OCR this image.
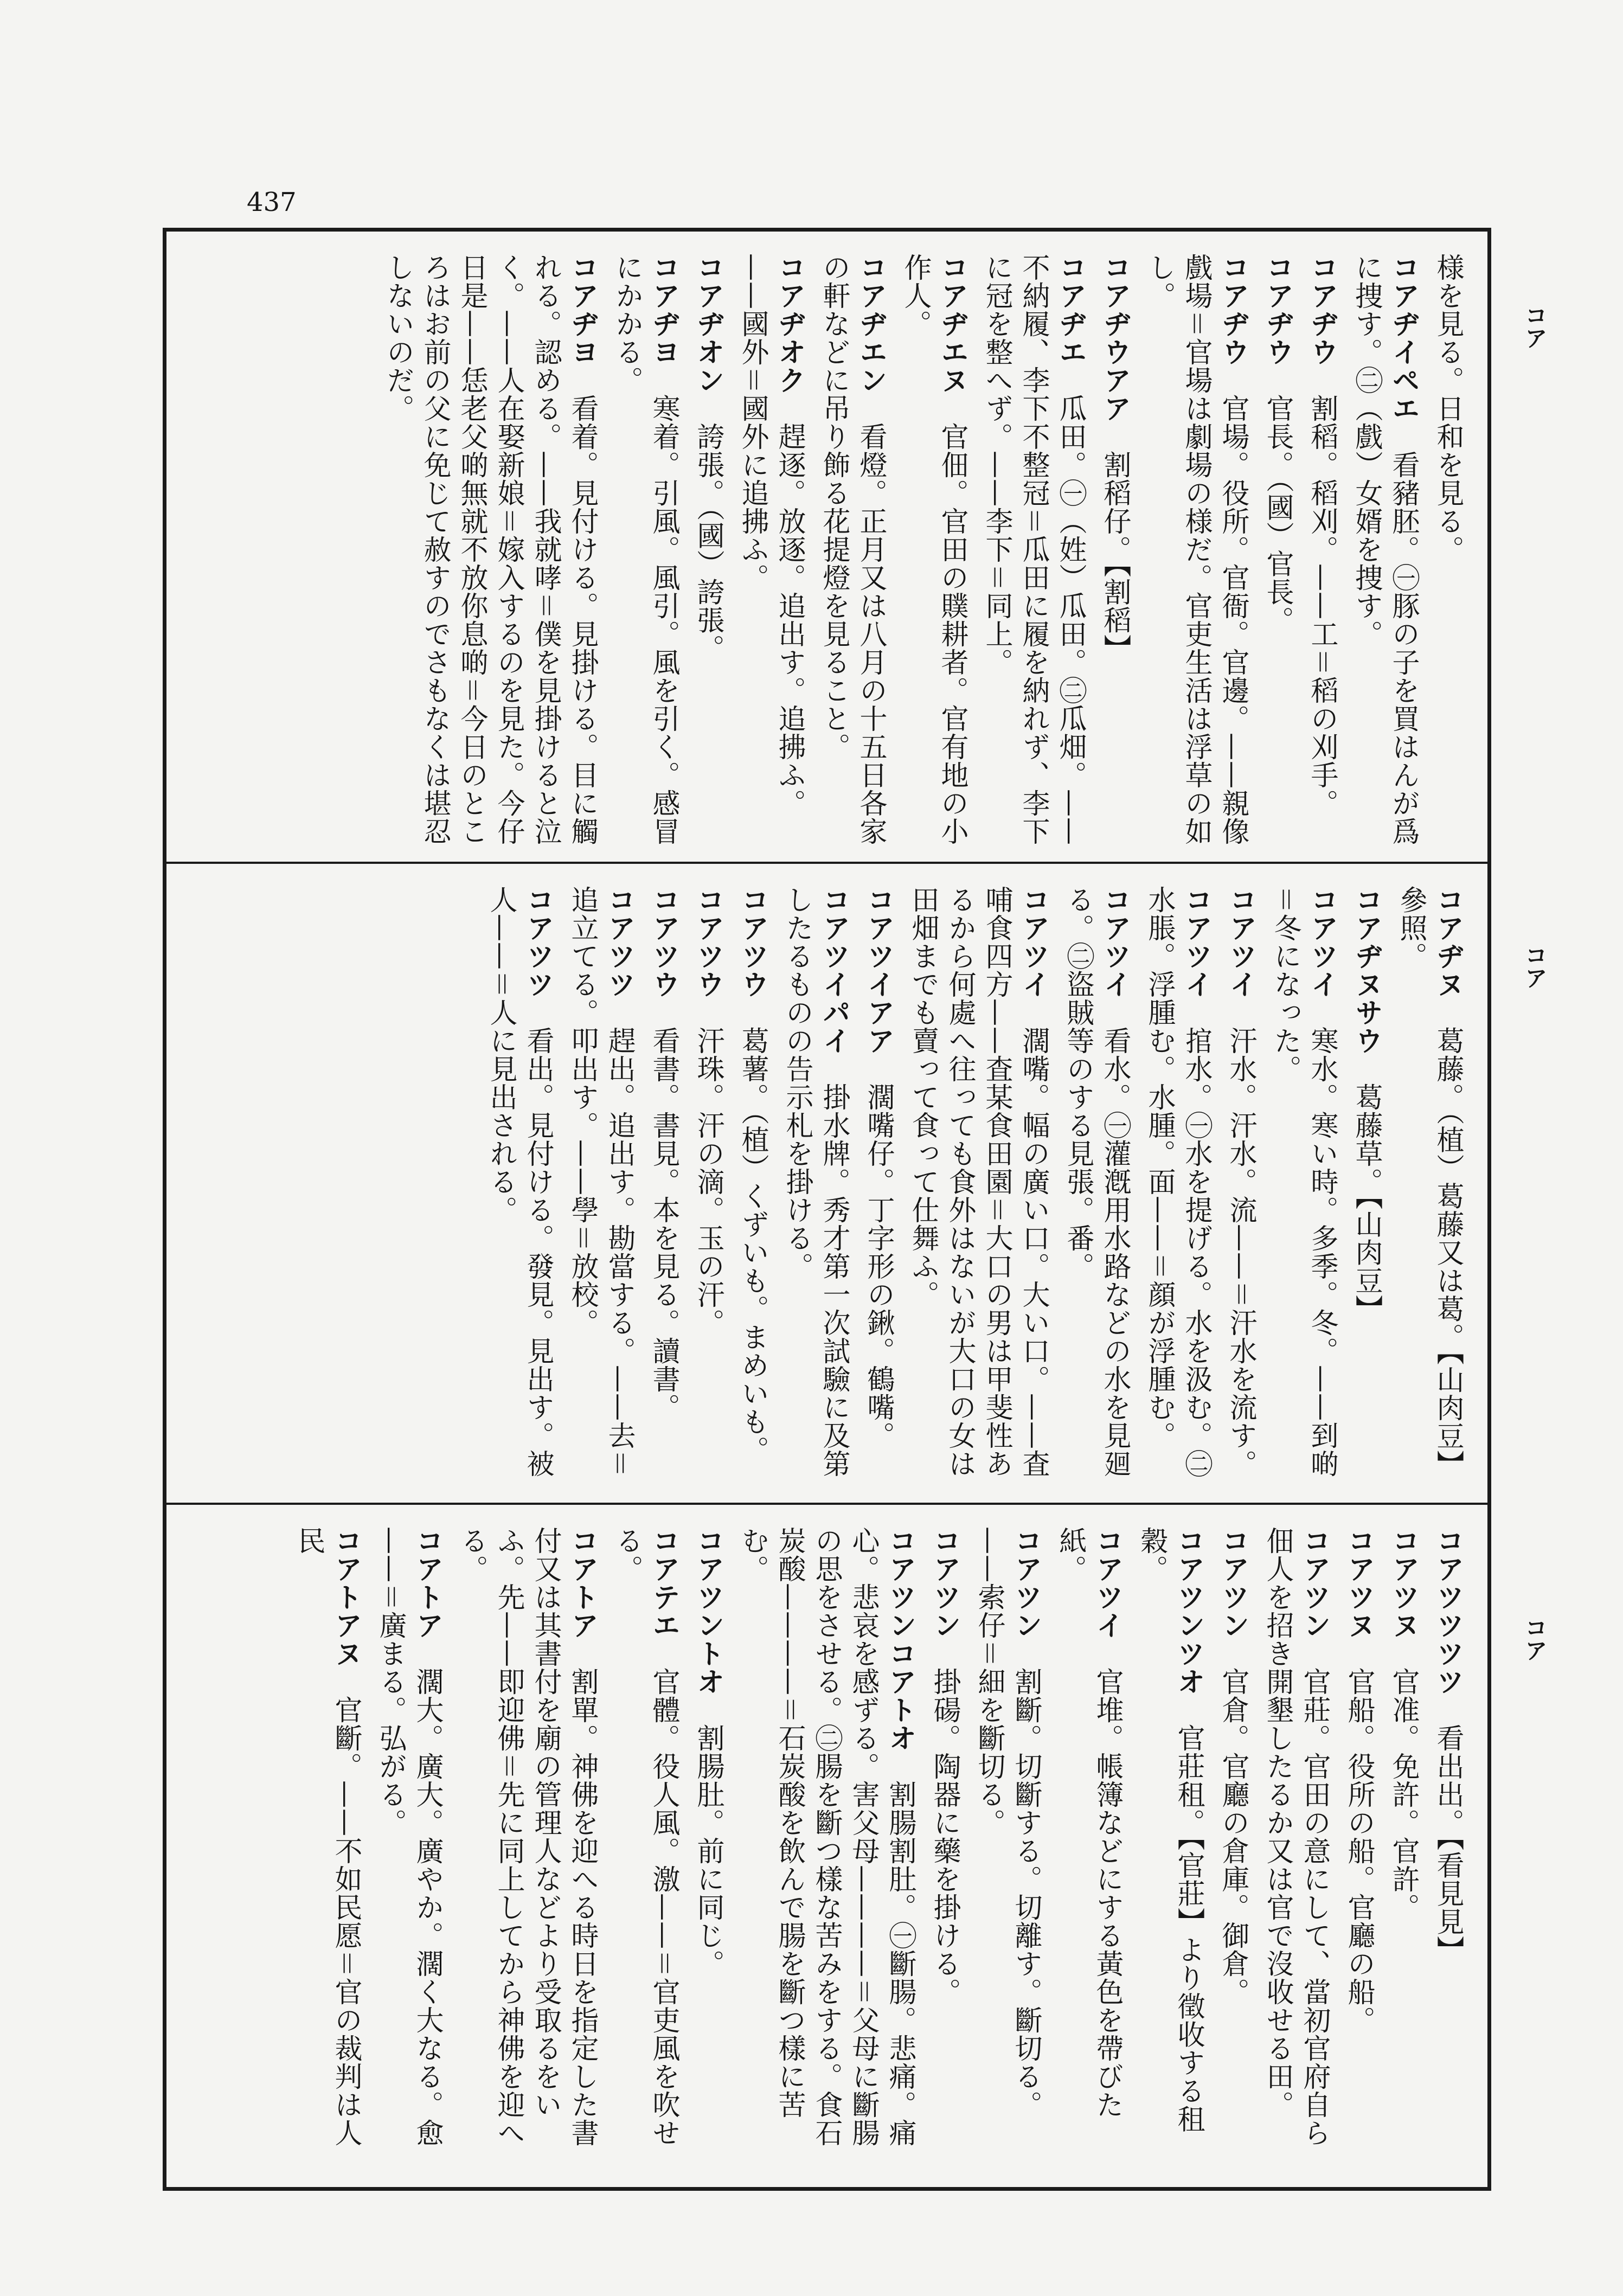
437
コア
コア
コア
様を見る。日和を見る。
コアヂイペエ　看豬胚。㊀豚の子を買はんが爲に捜す。㊁（戲）女婿を捜す。
コアヂウ　割稻。稻刈。——工＝稻の刈手。
コアヂウ　官長。（國）官長。
コアヂウ　官場。役所。官衙。官邊。——親像戲場＝官場は劇場の様だ。官吏生活は浮草の如し。
コアヂウアア　割稻仔。【割稻】
コアヂエ　瓜田。㊀（姓）瓜田。㊁瓜畑。——不納履、李下不整冠＝瓜田に履を納れず、李下に冠を整へず。——李下＝同上。
コアヂエヌ　官佃。官田の贌耕者。官有地の小作人。
コアヂエン　看燈。正月又は八月の十五日各家の軒などに吊り飾る花提燈を見ること。
コアヂオク　趕逐。放逐。追出す。追拂ふ。——國外＝國外に追拂ふ。
コアヂオン　誇張。（國）誇張。
コアヂヨ　寒着。引風。風引。風を引く。感冒にかかる。
コアヂヨ　看着。見付ける。見掛ける。目に觸れる。認める。——我就哮＝僕を見掛けると泣く。——人在娶新娘＝嫁入するのを見た。今仔日是——恁老父啲無就不放你息啲＝今日のところはお前の父に免じて赦すのでさもなくは堪忍しないのだ。
コアヂヌ　葛藤。（植）葛藤又は葛。【山肉豆】參照。
コアヂヌサウ　葛藤草。【山肉豆】
コアツイ　寒水。寒い時。多季。冬。——到啲＝冬になった。
コアツイ　汗水。汗水。流——＝汗水を流す。
コアツイ　捾水。㊀水を提げる。水を汲む。㊁水脹。浮腫む。水腫。面——＝顔が浮腫む。
コアツイ　看水。㊀灌漑用水路などの水を見廻る。㊁盜賊等のする見張。番。
コアツイ　濶嘴。幅の廣い口。大い口。——査哺食四方——査某食田園＝大口の男は甲斐性あるから何處へ往っても食外はないが大口の女は田畑までも賣って食って仕舞ふ。
コアツイアア　濶嘴仔。丁字形の鍬。鶴嘴。
コアツイパイ　掛水牌。秀才第一次試驗に及第したるものの告示札を掛ける。
コアツウ　葛薯。（植）くずいも。まめいも。
コアツウ　汗珠。汗の滴。玉の汗。
コアツウ　看書。書見。本を見る。讀書。
コアツツ　趕出。追出す。勘當する。——去＝追立てる。叩出す。——學＝放校。
コアツツ　看出。見付ける。發見。見出す。被人——＝人に見出される。
コアツツツツ　看出出。【看見見】
コアツヌ　官准。免許。官許。
コアツヌ　官船。役所の船。官廳の船。
コアツン　官莊。官田の意にして、當初官府自ら佃人を招き開墾したるか又は官で沒收せる田。
コアツン　官倉。官廳の倉庫。御倉。
コアツンツオ　官莊租。【官莊】より徵收する租穀。
コアツイ　官堆。帳簿などにする黃色を帶びた紙。
コアツン　割斷。切斷する。切離す。斷切る。——索仔＝細を斷切る。
コアツン　掛碭。陶器に藥を掛ける。
コアツンコアトオ　割腸割肚。㊀斷腸。悲痛。痛心。悲哀を感ずる。害父母————＝父母に斷腸の思をさせる。㊁腸を斷つ樣な苦みをする。食石炭酸————＝石炭酸を飲んで腸を斷つ樣に苦む。
コアツントオ　割腸肚。前に同じ。
コアテエ　官體。役人風。激——＝官吏風を吹せる。
コアトア　割單。神佛を迎へる時日を指定した書付又は其書付を廟の管理人などより受取るをいふ。先——即迎佛＝先に同上してから神佛を迎へる。
コアトア　濶大。廣大。廣やか。濶く大なる。愈——＝廣まる。弘がる。
コアトアヌ　官斷。——不如民愿＝官の裁判は人民
